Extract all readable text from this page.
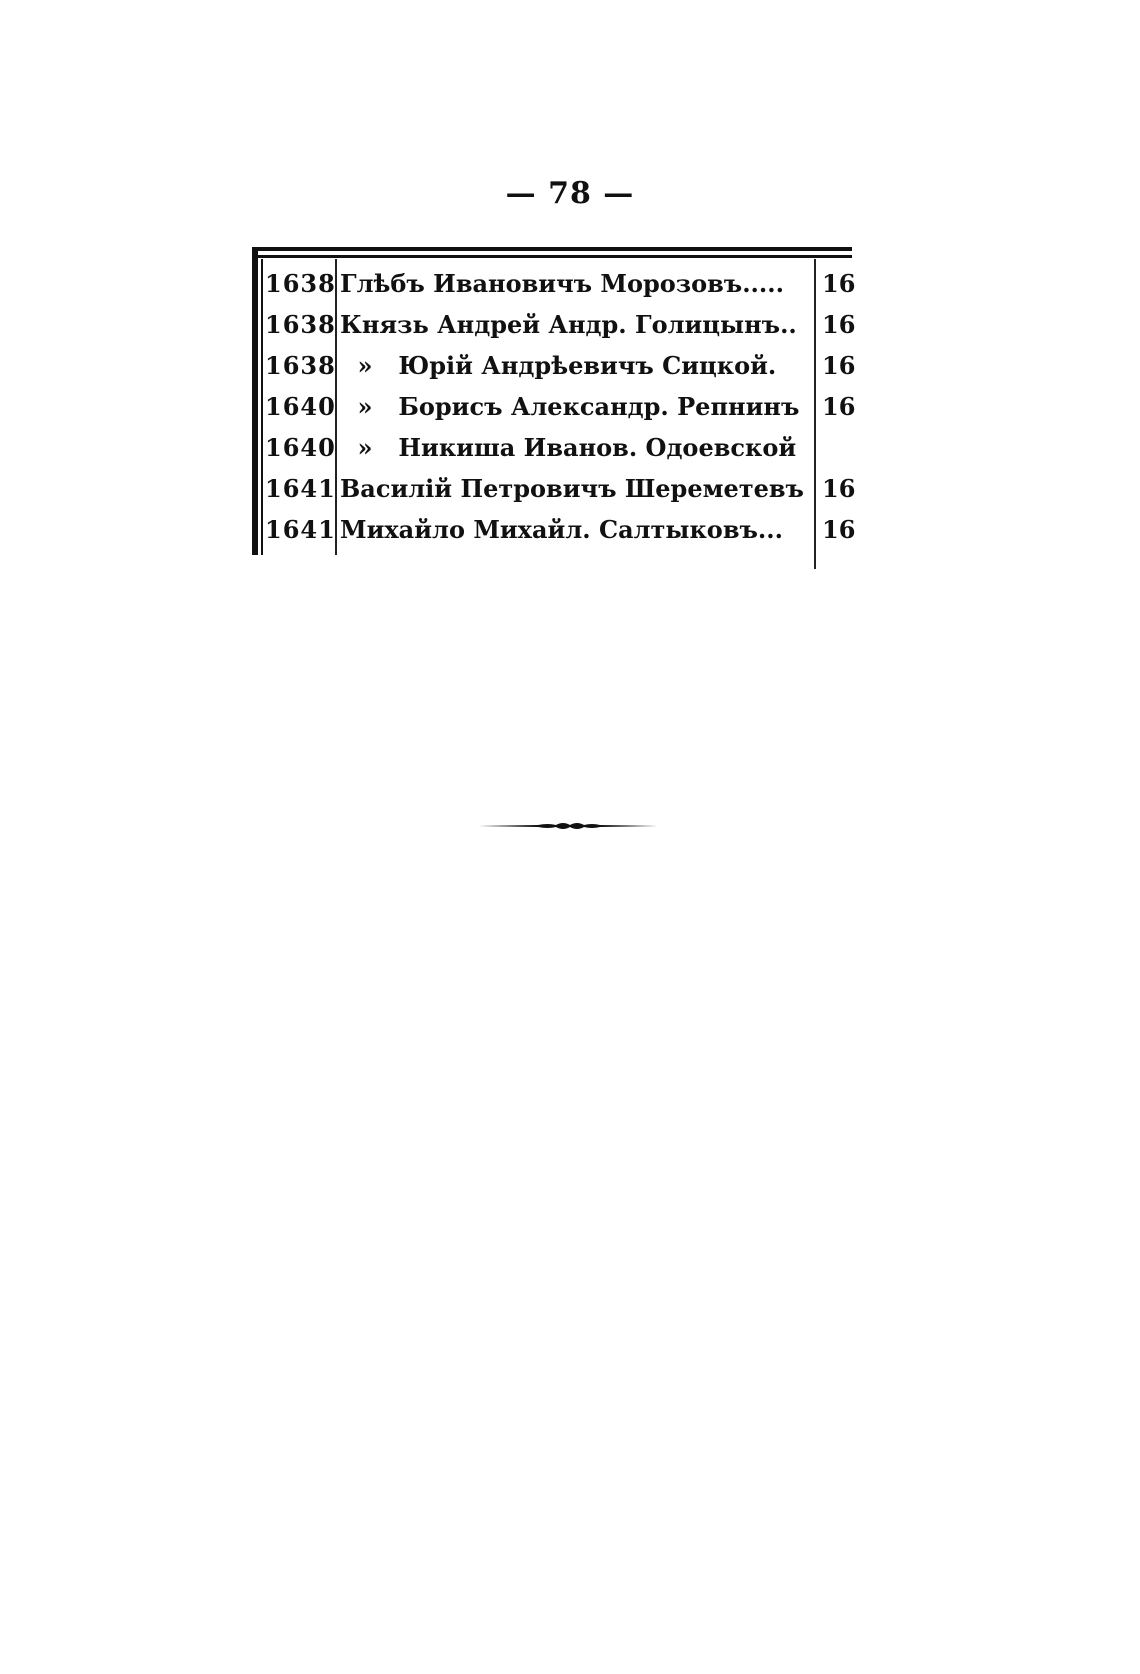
— 78 —
1638 Глѣбъ Ивановичъ Морозовъ.....	16
1638 Князь Андрей Андр. Голицынъ..	16
1638 » Юрій Андрѣевичъ Сицкой.	16
1640 » Борисъ Александр. Репнинъ 16
1640 » Никиша Иванов. Одоевской
1641 Василій Петровичъ Шереметевъ 16
1641 Михайло Михайл. Салтыковъ...	16
